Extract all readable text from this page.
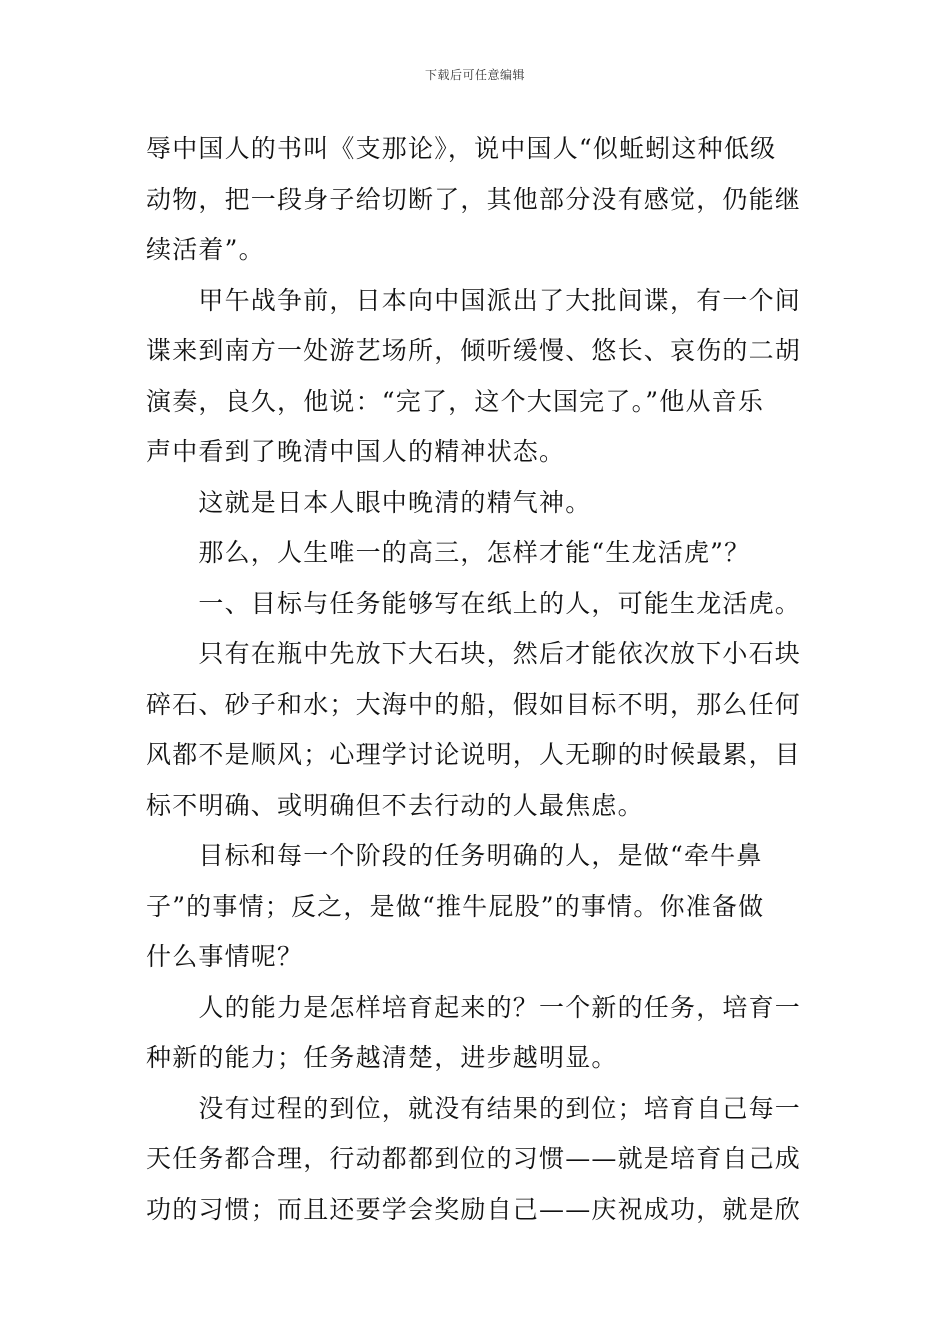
下载后可任意编辑

辱中国人的书叫《支那论》，说中国人“似蚯蚓这种低级

动物，把一段身子给切断了，其他部分没有感觉，仍能继

续活着”。

　　甲午战争前，日本向中国派出了大批间谍，有一个间

谍来到南方一处游艺场所，倾听缓慢、悠长、哀伤的二胡

演奏，良久，他说：“完了，这个大国完了。”他从音乐

声中看到了晚清中国人的精神状态。

　　这就是日本人眼中晚清的精气神。

　　那么，人生唯一的高三，怎样才能“生龙活虎”？

　　一、目标与任务能够写在纸上的人，可能生龙活虎。

　　只有在瓶中先放下大石块，然后才能依次放下小石块

碎石、砂子和水；大海中的船，假如目标不明，那么任何

风都不是顺风；心理学讨论说明，人无聊的时候最累，目

标不明确、或明确但不去行动的人最焦虑。

　　目标和每一个阶段的任务明确的人，是做“牵牛鼻

子”的事情；反之，是做“推牛屁股”的事情。你准备做

什么事情呢？

　　人的能力是怎样培育起来的？一个新的任务，培育一

种新的能力；任务越清楚，进步越明显。

　　没有过程的到位，就没有结果的到位；培育自己每一

天任务都合理，行动都都到位的习惯——就是培育自己成

功的习惯；而且还要学会奖励自己——庆祝成功，就是欣
